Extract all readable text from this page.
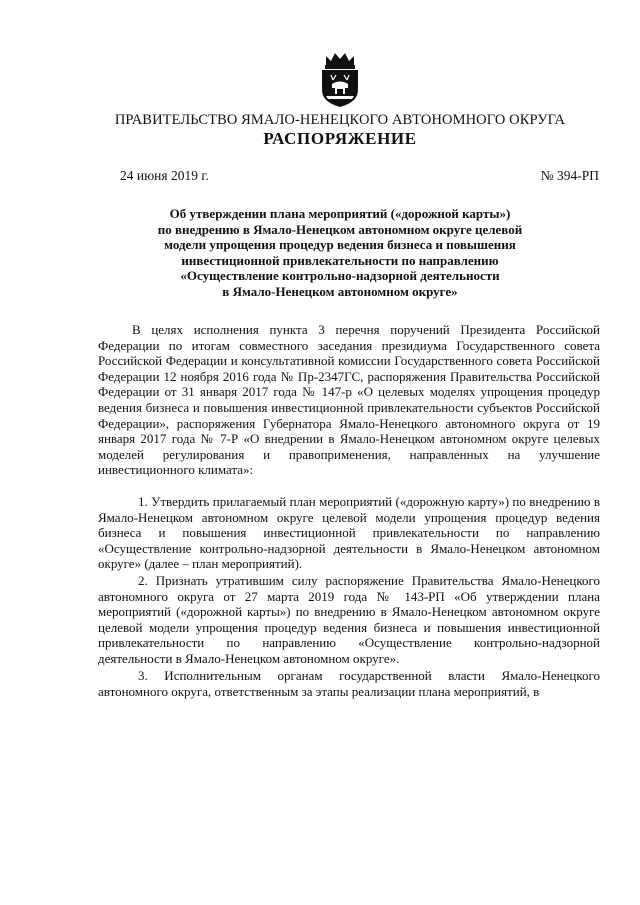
ПРАВИТЕЛЬСТВО ЯМАЛО-НЕНЕЦКОГО АВТОНОМНОГО ОКРУГА
РАСПОРЯЖЕНИЕ
24 июня 2019 г.	№ 394-РП
Об утверждении плана мероприятий («дорожной карты»)
по внедрению в Ямало-Ненецком автономном округе целевой
модели упрощения процедур ведения бизнеса и повышения
инвестиционной привлекательности по направлению
«Осуществление контрольно-надзорной деятельности
в Ямало-Ненецком автономном округе»

В целях исполнения пункта 3 перечня поручений Президента Российской Федерации по итогам совместного заседания президиума Государственного совета Российской Федерации и консультативной комиссии Государственного совета Российской Федерации 12 ноября 2016 года № Пр-2347ГС, распоряжения Правительства Российской Федерации от 31 января 2017 года № 147-р «О целевых моделях упрощения процедур ведения бизнеса и повышения инвестиционной привлекательности субъектов Российской Федерации», распоряжения Губернатора Ямало-Ненецкого автономного округа от 19 января 2017 года № 7-Р «О внедрении в Ямало-Ненецком автономном округе целевых моделей регулирования и правоприменения, направленных на улучшение инвестиционного климата»:

1. Утвердить прилагаемый план мероприятий («дорожную карту») по внедрению в Ямало-Ненецком автономном округе целевой модели упрощения процедур ведения бизнеса и повышения инвестиционной привлекательности по направлению «Осуществление контрольно-надзорной деятельности в Ямало-Ненецком автономном округе» (далее – план мероприятий).

2. Признать утратившим силу распоряжение Правительства Ямало-Ненецкого автономного округа от 27 марта 2019 года № 143-РП «Об утверждении плана мероприятий («дорожной карты») по внедрению в Ямало-Ненецком автономном округе целевой модели упрощения процедур ведения бизнеса и повышения инвестиционной привлекательности по направлению «Осуществление контрольно-надзорной деятельности в Ямало-Ненецком автономном округе».

3. Исполнительным органам государственной власти Ямало-Ненецкого автономного округа, ответственным за этапы реализации плана мероприятий, в
